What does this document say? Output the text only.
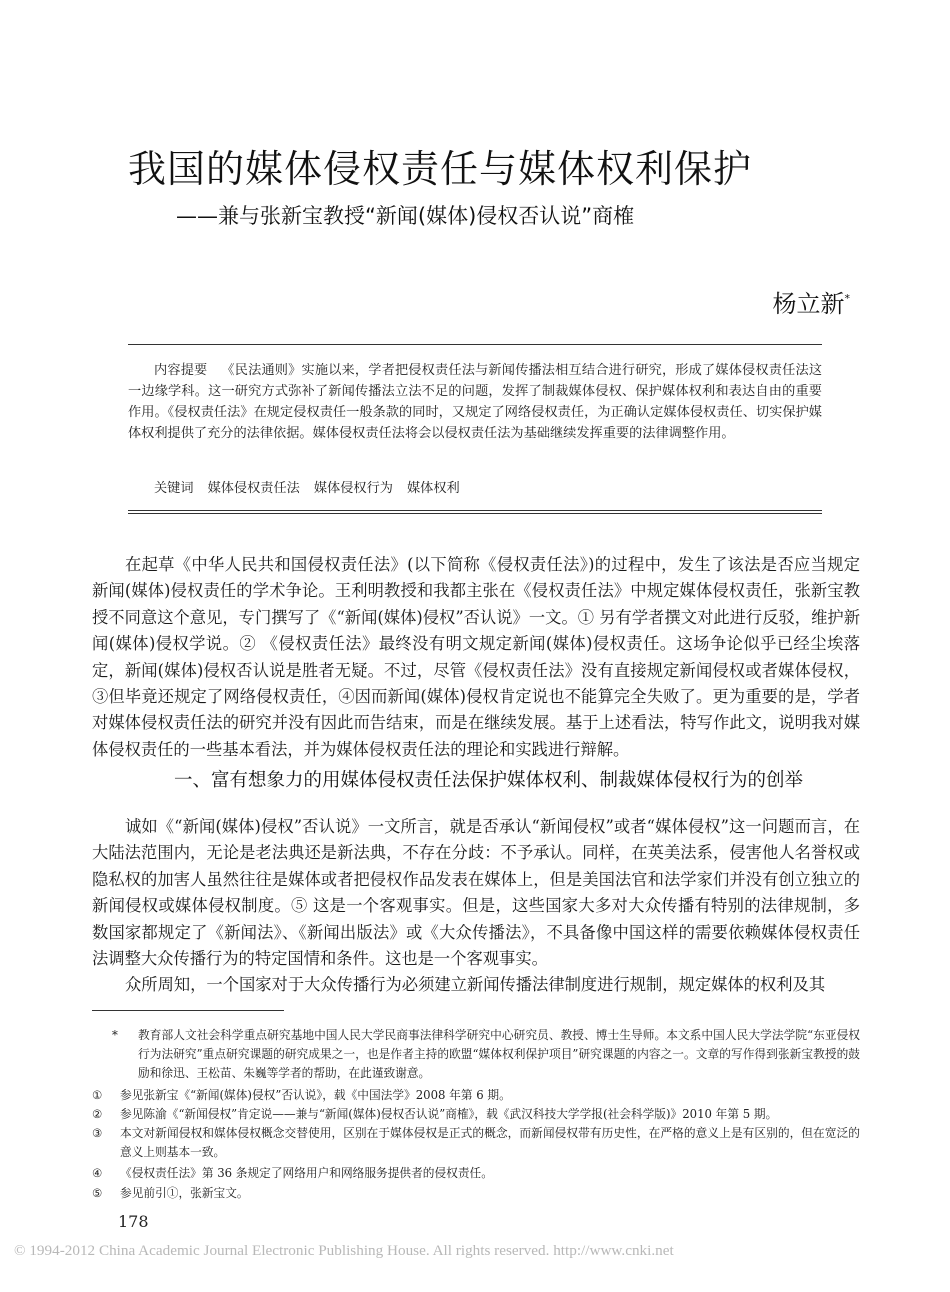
我国的媒体侵权责任与媒体权利保护
——兼与张新宝教授“新闻(媒体)侵权否认说”商榷
杨立新*
内容提要 《民法通则》实施以来，学者把侵权责任法与新闻传播法相互结合进行研究，形成了媒体侵权责任法这一边缘学科。这一研究方式弥补了新闻传播法立法不足的问题，发挥了制裁媒体侵权、保护媒体权利和表达自由的重要作用。《侵权责任法》在规定侵权责任一般条款的同时，又规定了网络侵权责任，为正确认定媒体侵权责任、切实保护媒体权利提供了充分的法律依据。媒体侵权责任法将会以侵权责任法为基础继续发挥重要的法律调整作用。
关键词 媒体侵权责任法 媒体侵权行为 媒体权利
在起草《中华人民共和国侵权责任法》(以下简称《侵权责任法》)的过程中，发生了该法是否应当规定新闻(媒体)侵权责任的学术争论。王利明教授和我都主张在《侵权责任法》中规定媒体侵权责任，张新宝教授不同意这个意见，专门撰写了《“新闻(媒体)侵权”否认说》一文。① 另有学者撰文对此进行反驳，维护新闻(媒体)侵权学说。② 《侵权责任法》最终没有明文规定新闻(媒体)侵权责任。这场争论似乎已经尘埃落定，新闻(媒体)侵权否认说是胜者无疑。不过，尽管《侵权责任法》没有直接规定新闻侵权或者媒体侵权，③但毕竟还规定了网络侵权责任，④因而新闻(媒体)侵权肯定说也不能算完全失败了。更为重要的是，学者对媒体侵权责任法的研究并没有因此而告结束，而是在继续发展。基于上述看法，特写作此文，说明我对媒体侵权责任的一些基本看法，并为媒体侵权责任法的理论和实践进行辩解。
一、富有想象力的用媒体侵权责任法保护媒体权利、制裁媒体侵权行为的创举
诚如《“新闻(媒体)侵权”否认说》一文所言，就是否承认“新闻侵权”或者“媒体侵权”这一问题而言，在大陆法范围内，无论是老法典还是新法典，不存在分歧：不予承认。同样，在英美法系，侵害他人名誉权或隐私权的加害人虽然往往是媒体或者把侵权作品发表在媒体上，但是美国法官和法学家们并没有创立独立的新闻侵权或媒体侵权制度。⑤ 这是一个客观事实。但是，这些国家大多对大众传播有特别的法律规制，多数国家都规定了《新闻法》、《新闻出版法》或《大众传播法》，不具备像中国这样的需要依赖媒体侵权责任法调整大众传播行为的特定国情和条件。这也是一个客观事实。
众所周知，一个国家对于大众传播行为必须建立新闻传播法律制度进行规制，规定媒体的权利及其
*	教育部人文社会科学重点研究基地中国人民大学民商事法律科学研究中心研究员、教授、博士生导师。本文系中国人民大学法学院“东亚侵权行为法研究”重点研究课题的研究成果之一，也是作者主持的欧盟“媒体权利保护项目”研究课题的内容之一。文章的写作得到张新宝教授的鼓励和徐迅、王松苗、朱巍等学者的帮助，在此谨致谢意。
①	参见张新宝《“新闻(媒体)侵权”否认说》，载《中国法学》2008 年第 6 期。
②	参见陈渝《“新闻侵权”肯定说——兼与“新闻(媒体)侵权否认说”商榷》，载《武汉科技大学学报(社会科学版)》2010 年第 5 期。
③	本文对新闻侵权和媒体侵权概念交替使用，区别在于媒体侵权是正式的概念，而新闻侵权带有历史性，在严格的意义上是有区别的，但在宽泛的意义上则基本一致。
④	《侵权责任法》第 36 条规定了网络用户和网络服务提供者的侵权责任。
⑤	参见前引①，张新宝文。
178
© 1994-2012 China Academic Journal Electronic Publishing House. All rights reserved. http://www.cnki.net
